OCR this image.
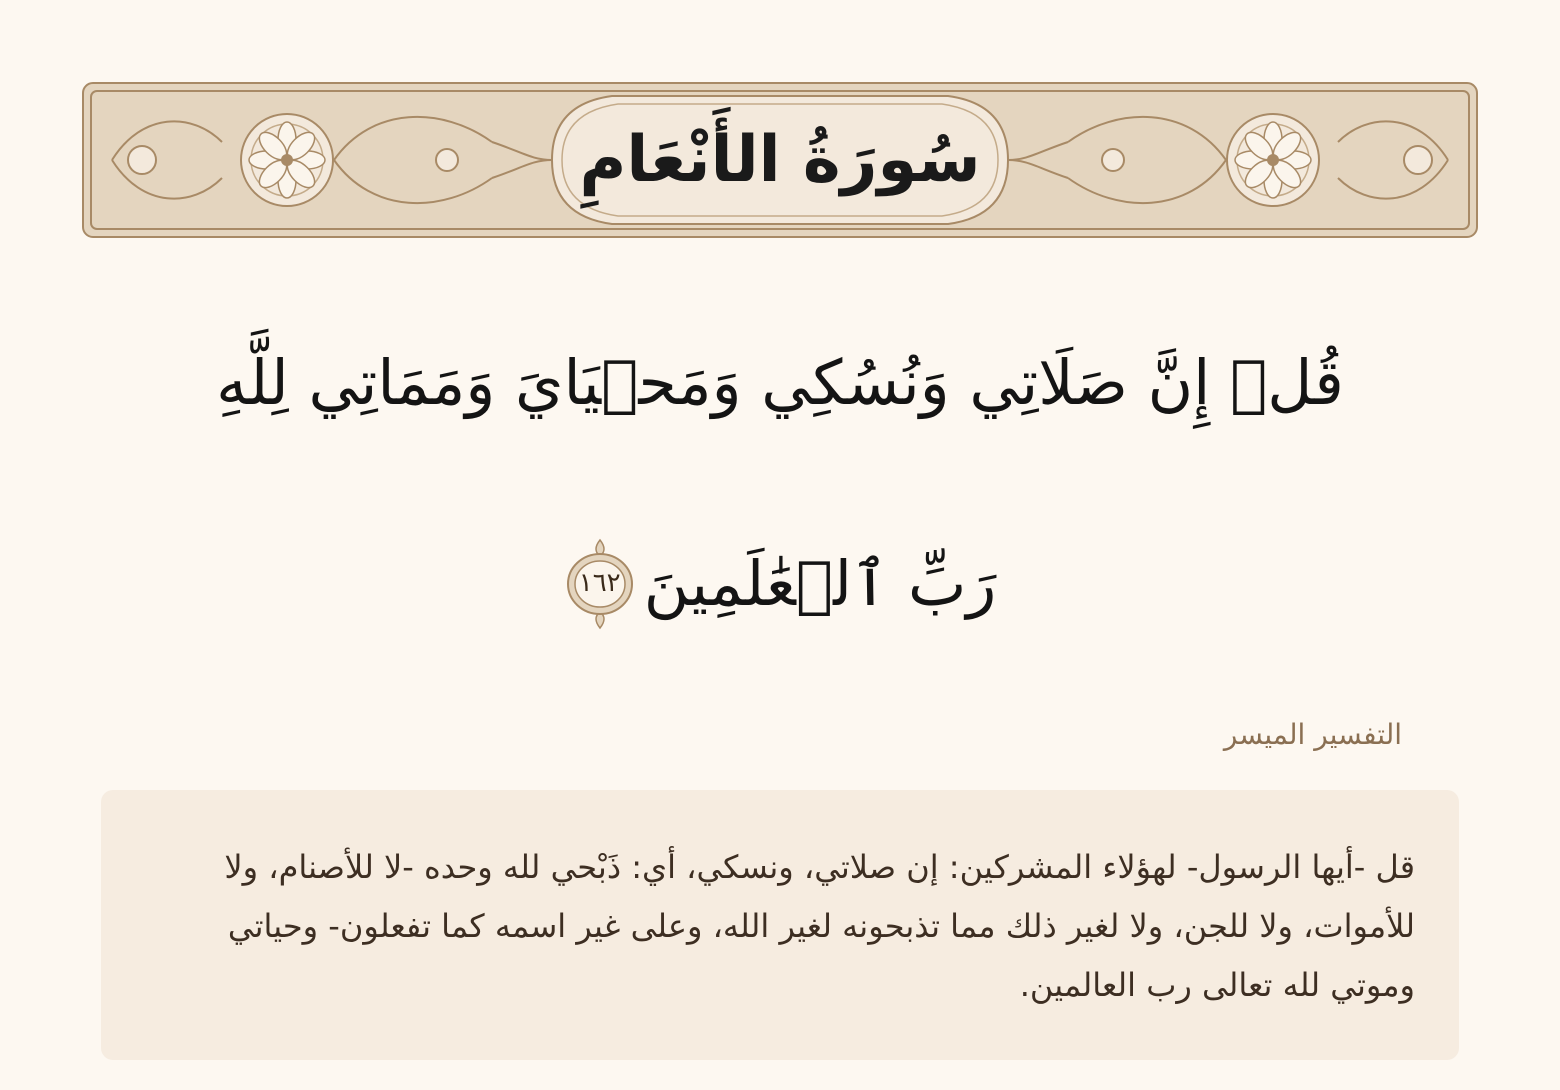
سُورَةُ الأَنْعَامِ
قُلۡ إِنَّ صَلَاتِي وَنُسُكِي وَمَحۡيَايَ وَمَمَاتِي لِلَّهِ
رَبِّ ٱلۡعَٰلَمِينَ
١٦٢
التفسير الميسر

قل -أيها الرسول- لهؤلاء المشركين: إن صلاتي، ونسكي، أي: ذَبْحي لله وحده -لا للأصنام، ولا للأموات، ولا للجن، ولا لغير ذلك مما تذبحونه لغير الله، وعلى غير اسمه كما تفعلون- وحياتي وموتي لله تعالى رب العالمين.
